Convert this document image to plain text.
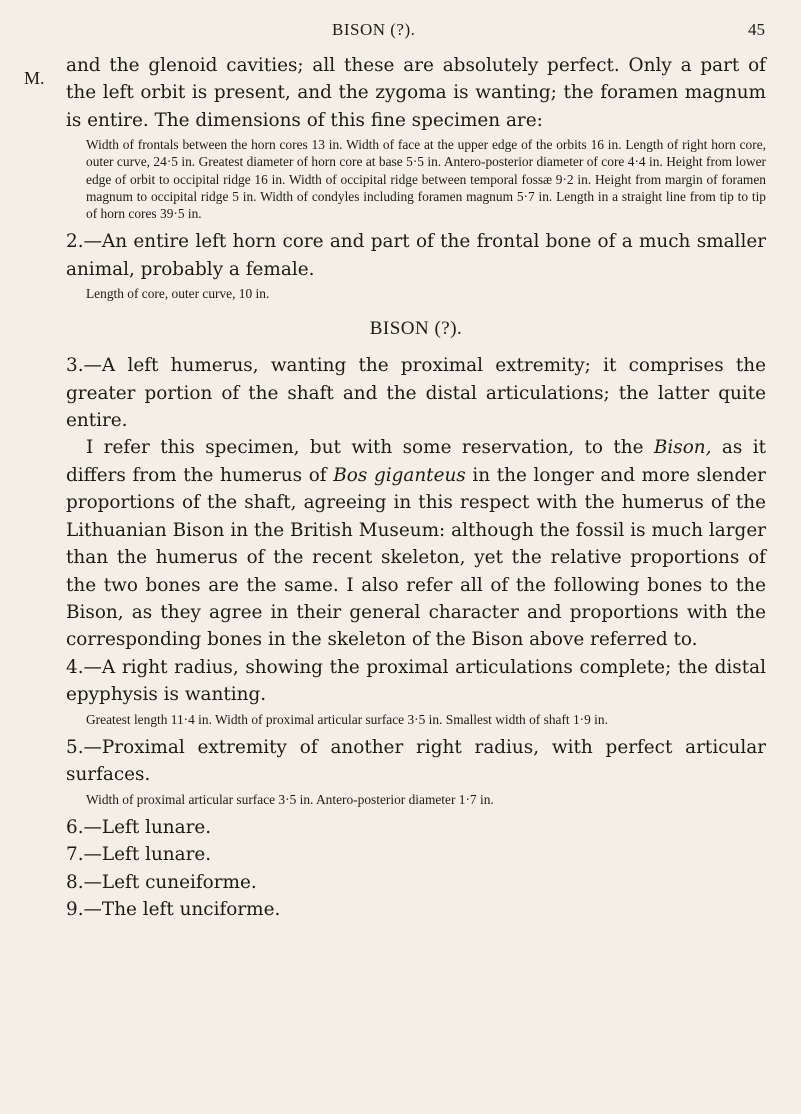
BISON (?).	45
M.

and the glenoid cavities; all these are absolutely perfect. Only a part of the left orbit is present, and the zygoma is wanting; the foramen magnum is entire. The dimensions of this fine specimen are:

Width of frontals between the horn cores 13 in. Width of face at the upper edge of the orbits 16 in. Length of right horn core, outer curve, 24·5 in. Greatest diameter of horn core at base 5·5 in. Antero-posterior diameter of core 4·4 in. Height from lower edge of orbit to occipital ridge 16 in. Width of occipital ridge between temporal fossæ 9·2 in. Height from margin of foramen magnum to occipital ridge 5 in. Width of condyles including foramen magnum 5·7 in. Length in a straight line from tip to tip of horn cores 39·5 in.

2.—An entire left horn core and part of the frontal bone of a much smaller animal, probably a female.

Length of core, outer curve, 10 in.

BISON (?).

3.—A left humerus, wanting the proximal extremity; it comprises the greater portion of the shaft and the distal articulations; the latter quite entire.

I refer this specimen, but with some reservation, to the Bison, as it differs from the humerus of Bos giganteus in the longer and more slender proportions of the shaft, agreeing in this respect with the humerus of the Lithuanian Bison in the British Museum: although the fossil is much larger than the humerus of the recent skeleton, yet the relative proportions of the two bones are the same. I also refer all of the following bones to the Bison, as they agree in their general character and proportions with the corresponding bones in the skeleton of the Bison above referred to.

4.—A right radius, showing the proximal articulations complete; the distal epyphysis is wanting.

Greatest length 11·4 in. Width of proximal articular surface 3·5 in. Smallest width of shaft 1·9 in.

5.—Proximal extremity of another right radius, with perfect articular surfaces.

Width of proximal articular surface 3·5 in. Antero-posterior diameter 1·7 in.

6.—Left lunare.

7.—Left lunare.

8.—Left cuneiforme.

9.—The left unciforme.
